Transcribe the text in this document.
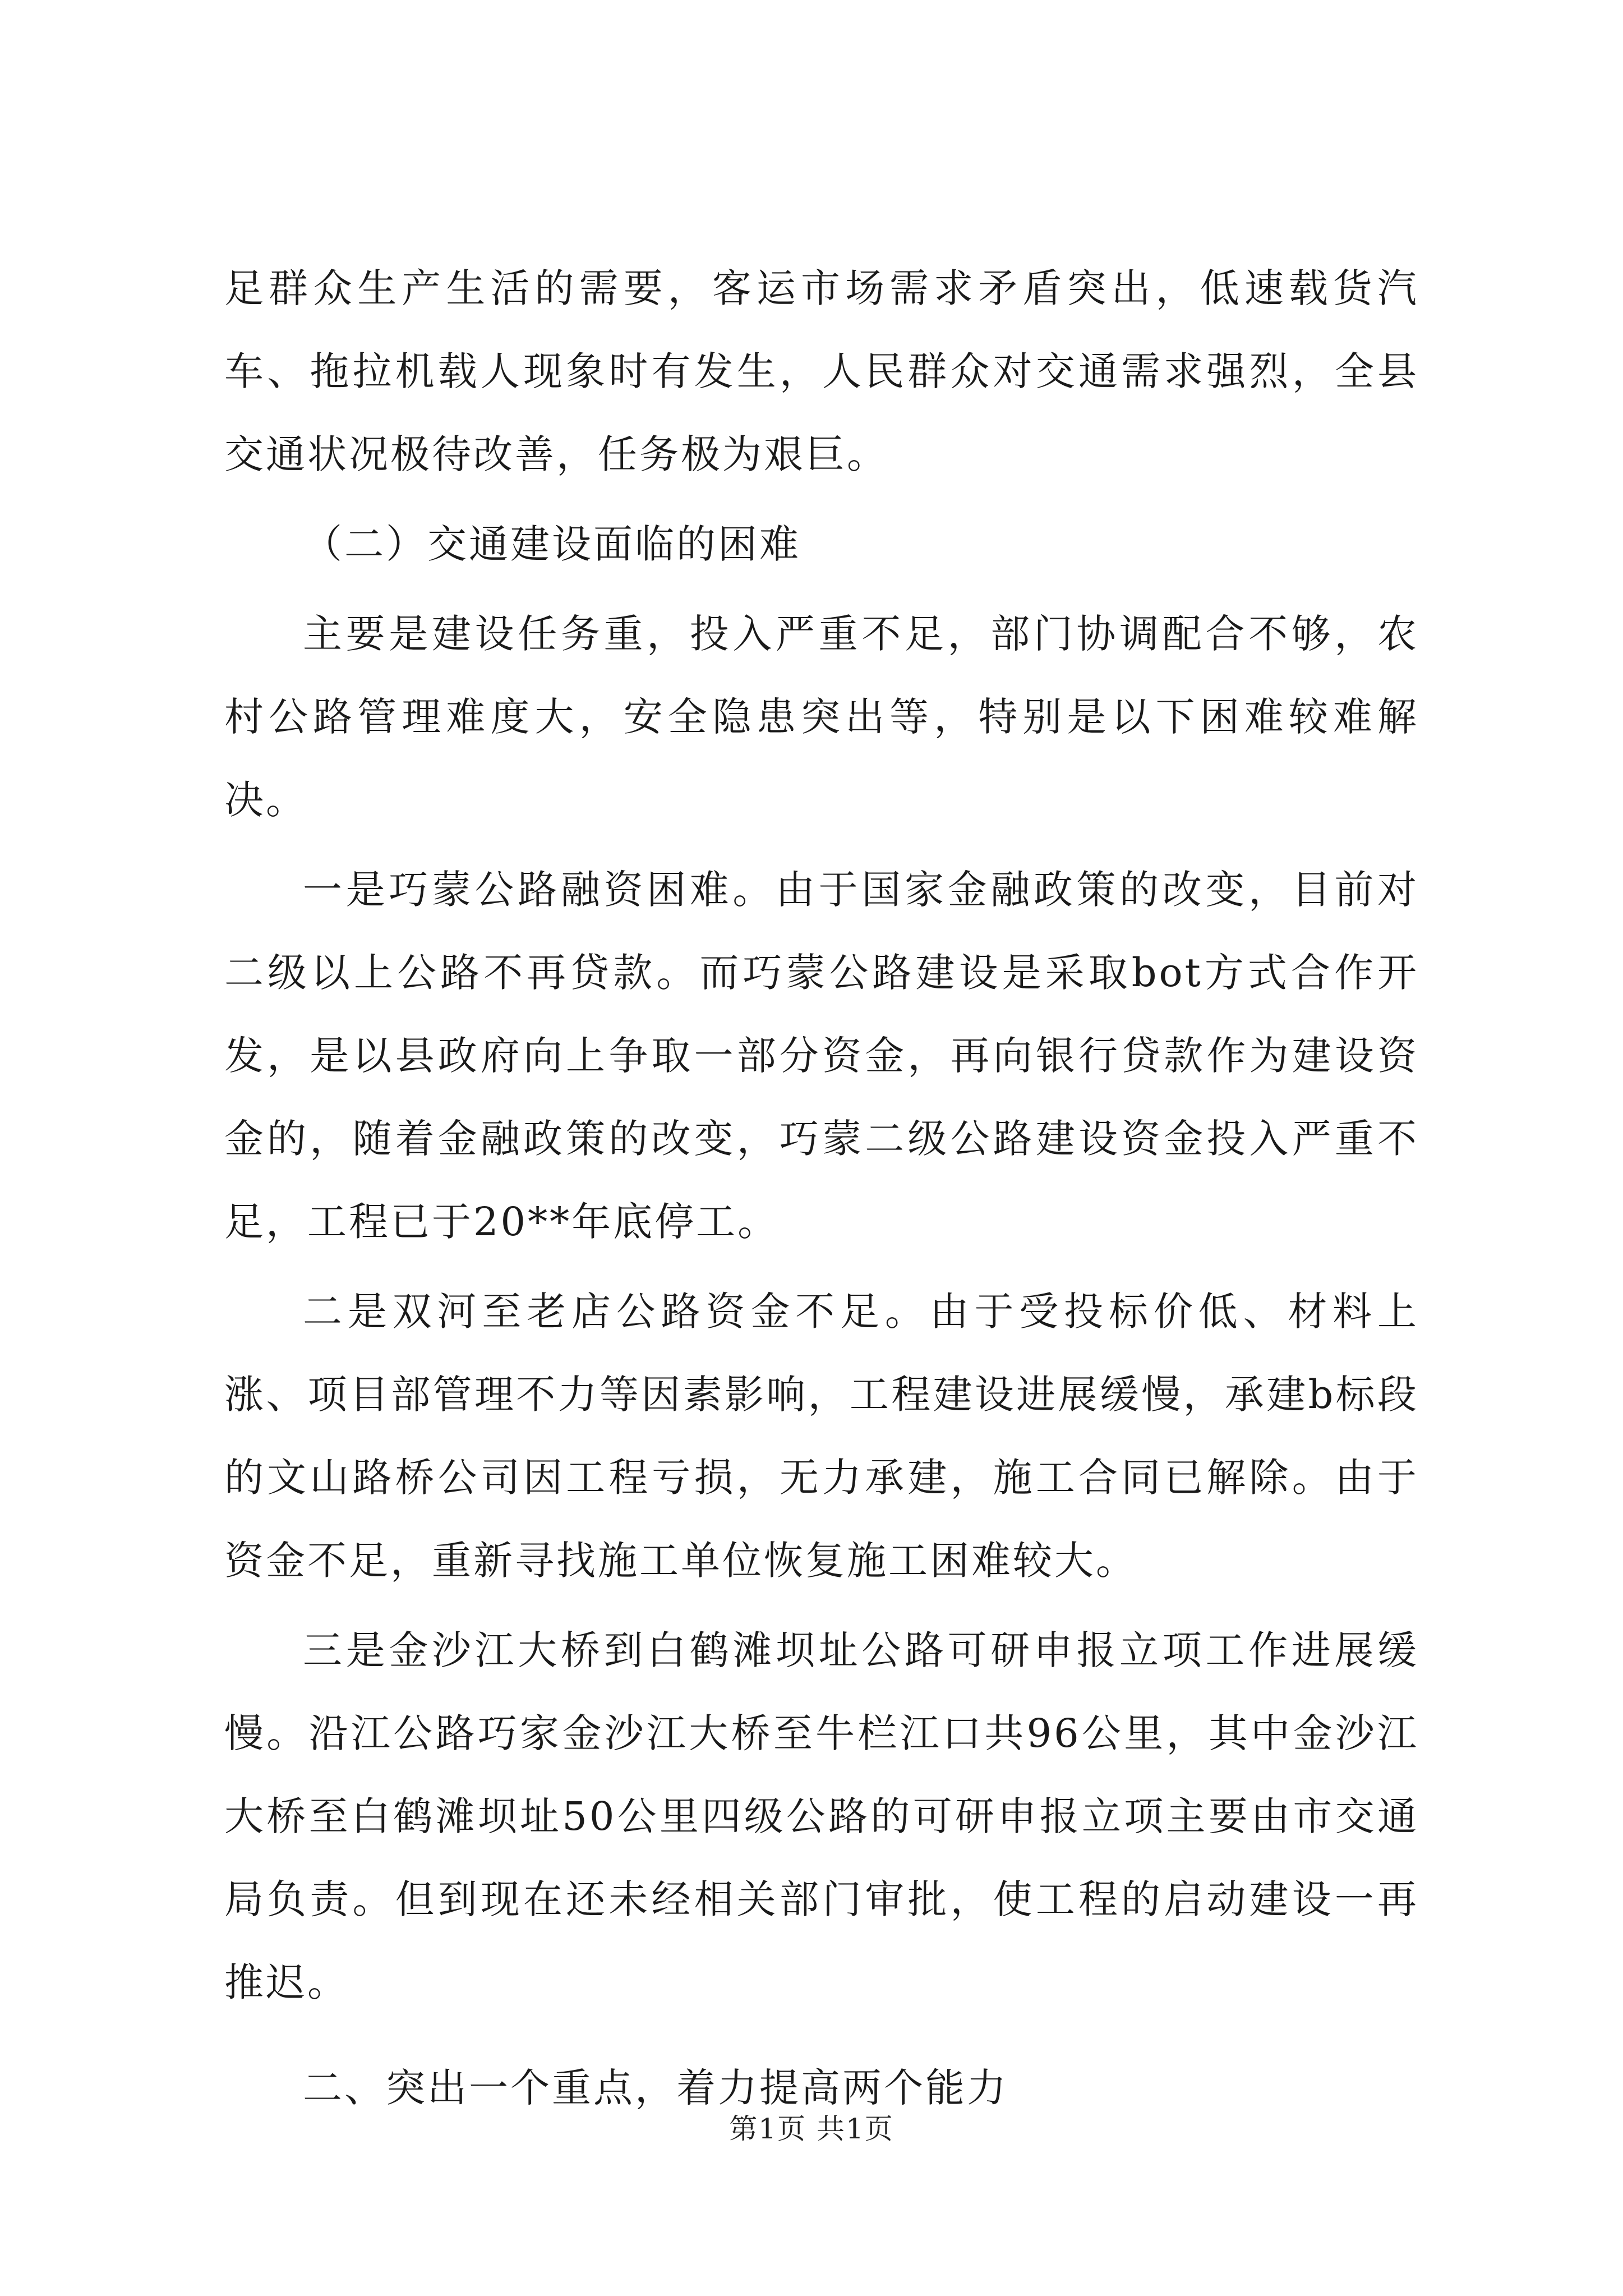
足群众生产生活的需要，客运市场需求矛盾突出，低速载货汽车、拖拉机载人现象时有发生，人民群众对交通需求强烈，全县交通状况极待改善，任务极为艰巨。

（二）交通建设面临的困难

主要是建设任务重，投入严重不足，部门协调配合不够，农村公路管理难度大，安全隐患突出等，特别是以下困难较难解决。

一是巧蒙公路融资困难。由于国家金融政策的改变，目前对二级以上公路不再贷款。而巧蒙公路建设是采取bot方式合作开发，是以县政府向上争取一部分资金，再向银行贷款作为建设资金的，随着金融政策的改变，巧蒙二级公路建设资金投入严重不足，工程已于20**年底停工。

二是双河至老店公路资金不足。由于受投标价低、材料上涨、项目部管理不力等因素影响，工程建设进展缓慢，承建b标段的文山路桥公司因工程亏损，无力承建，施工合同已解除。由于资金不足，重新寻找施工单位恢复施工困难较大。

三是金沙江大桥到白鹤滩坝址公路可研申报立项工作进展缓慢。沿江公路巧家金沙江大桥至牛栏江口共96公里，其中金沙江大桥至白鹤滩坝址50公里四级公路的可研申报立项主要由市交通局负责。但到现在还未经相关部门审批，使工程的启动建设一再推迟。

二、突出一个重点，着力提高两个能力

第1页 共1页
